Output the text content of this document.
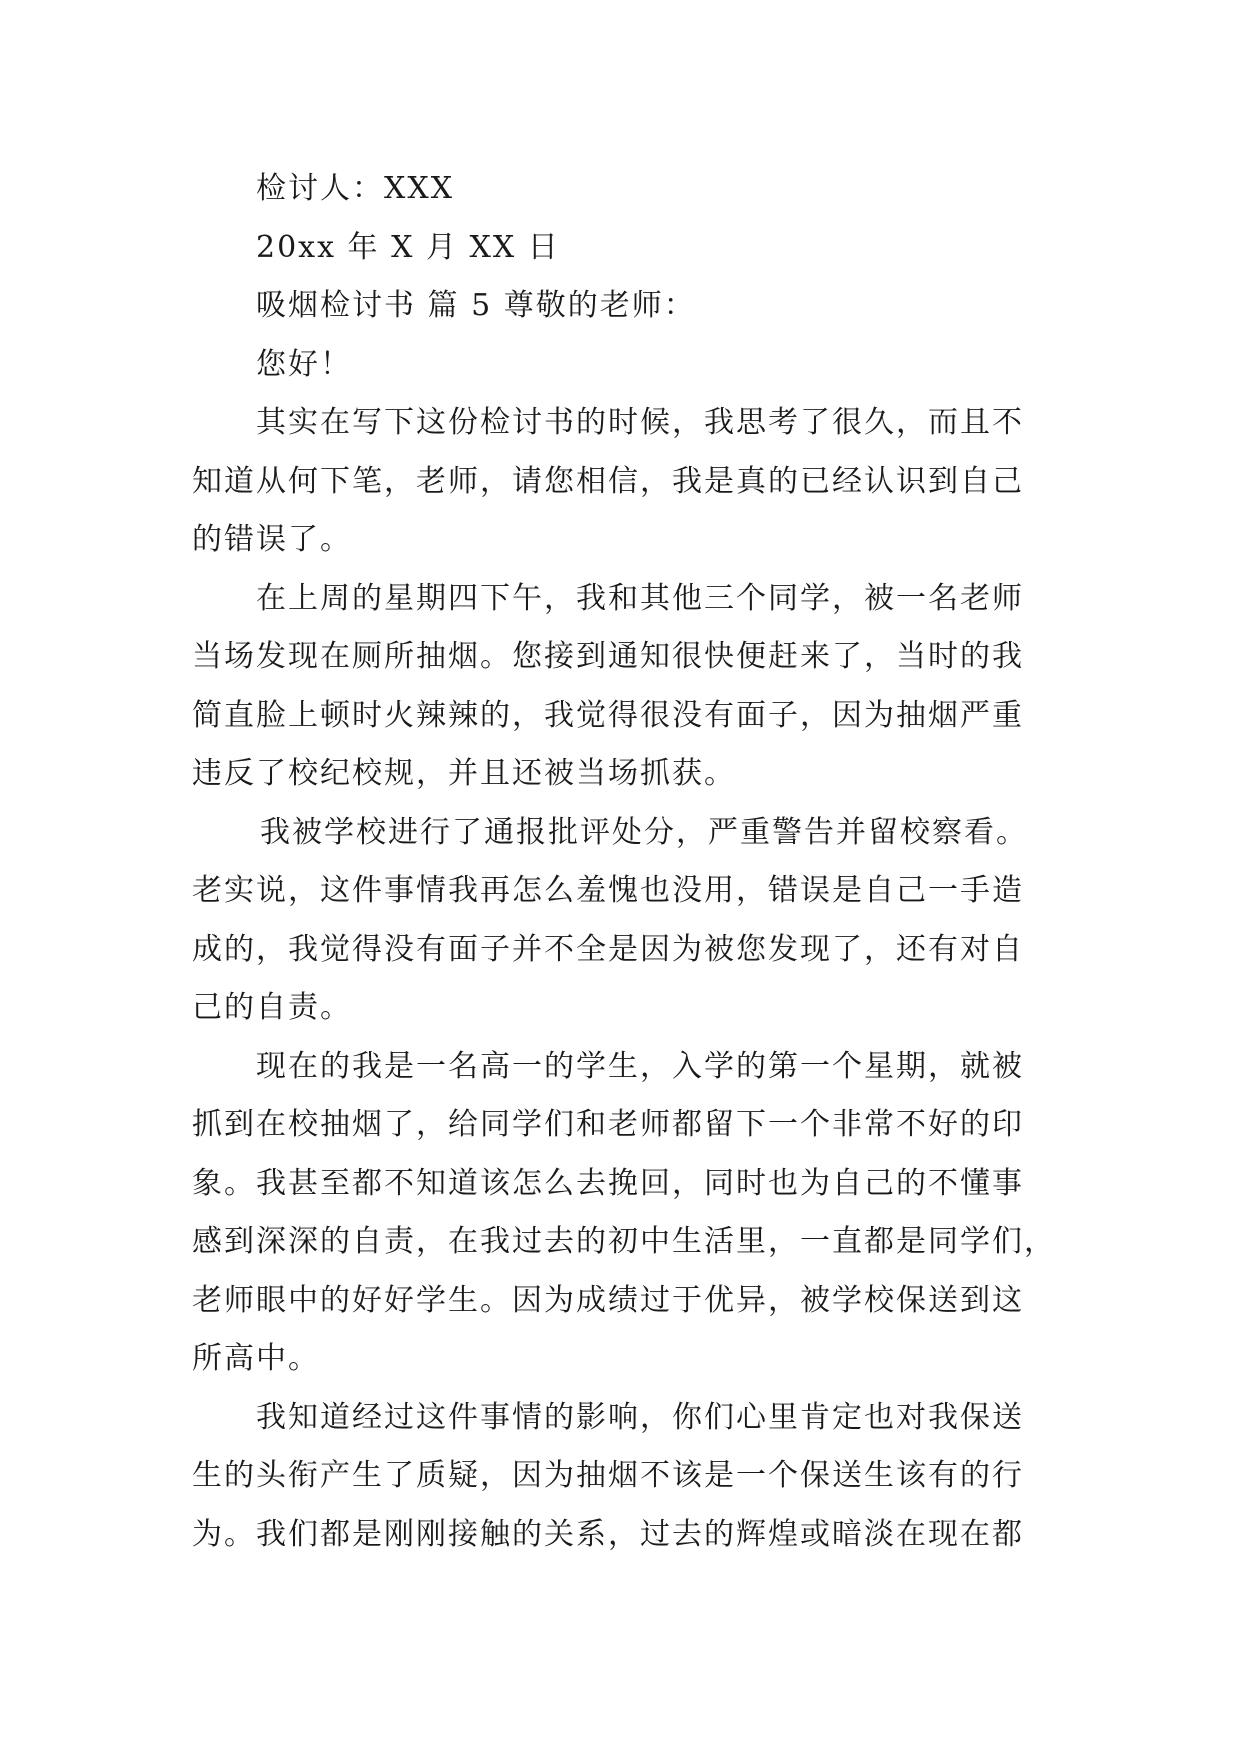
检讨人：XXX
20xx 年 X 月 XX 日
吸烟检讨书 篇 5 尊敬的老师：
您好！
其实在写下这份检讨书的时候，我思考了很久，而且不
知道从何下笔，老师，请您相信，我是真的已经认识到自己
的错误了。
在上周的星期四下午，我和其他三个同学，被一名老师
当场发现在厕所抽烟。您接到通知很快便赶来了，当时的我
简直脸上顿时火辣辣的，我觉得很没有面子，因为抽烟严重
违反了校纪校规，并且还被当场抓获。
我被学校进行了通报批评处分，严重警告并留校察看。
老实说，这件事情我再怎么羞愧也没用，错误是自己一手造
成的，我觉得没有面子并不全是因为被您发现了，还有对自
己的自责。
现在的我是一名高一的学生，入学的第一个星期，就被
抓到在校抽烟了，给同学们和老师都留下一个非常不好的印
象。我甚至都不知道该怎么去挽回，同时也为自己的不懂事
感到深深的自责，在我过去的初中生活里，一直都是同学们，
老师眼中的好好学生。因为成绩过于优异，被学校保送到这
所高中。
我知道经过这件事情的影响，你们心里肯定也对我保送
生的头衔产生了质疑，因为抽烟不该是一个保送生该有的行
为。我们都是刚刚接触的关系，过去的辉煌或暗淡在现在都
